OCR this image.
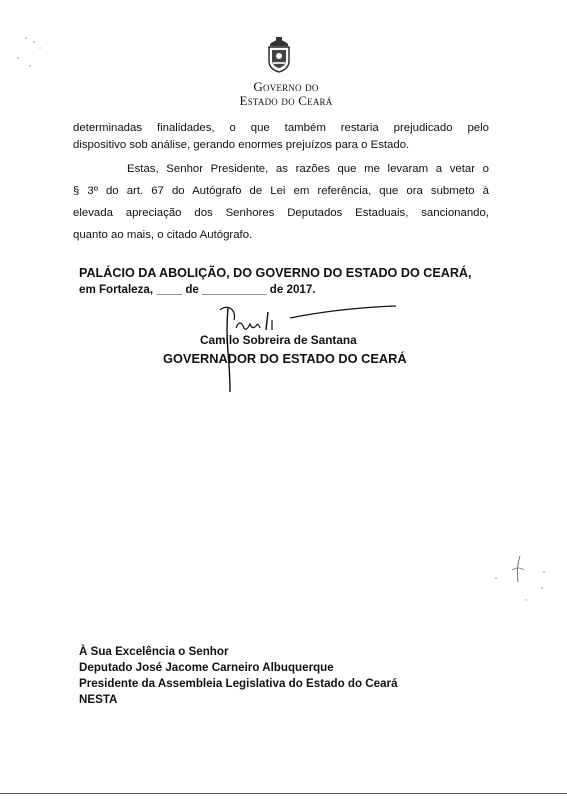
Governo do
Estado do Ceará
determinadas finalidades, o que também restaria prejudicado pelo
dispositivo sob análise, gerando enormes prejuízos para o Estado.
Estas, Senhor Presidente, as razões que me levaram a vetar o
§ 3º do art. 67 do Autógrafo de Lei em referência, que ora submeto à
elevada apreciação dos Senhores Deputados Estaduais, sancionando,
quanto ao mais, o citado Autógrafo.
PALÁCIO DA ABOLIÇÃO, DO GOVERNO DO ESTADO DO CEARÁ,
em Fortaleza, ____ de __________ de 2017.
Camilo Sobreira de Santana
GOVERNADOR DO ESTADO DO CEARÁ
À Sua Excelência o Senhor
Deputado José Jacome Carneiro Albuquerque
Presidente da Assembleia Legislativa do Estado do Ceará
NESTA
